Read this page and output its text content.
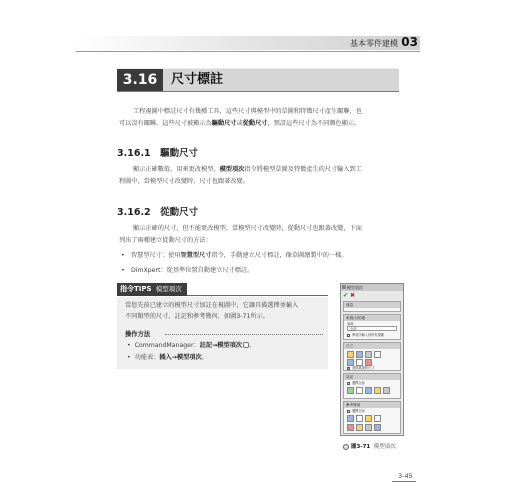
基本零件建模 03
3.16	尺寸標註
工程視圖中標註尺寸有幾種工具，這些尺寸與模型中的草圖和特徵尺寸產生關聯，也
可以沒有關聯。這些尺寸被顯示為驅動尺寸或從動尺寸，預設這些尺寸為不同顏色顯示。
3.16.1　驅動尺寸
顯示正確數值，用來更改模型。模型項次指令將模型草圖及特徵產生的尺寸輸入到工
程圖中，當模型尺寸改變時，尺寸也跟著改變。
3.16.2　從動尺寸
顯示正確的尺寸，但不能更改模型。當模型尺寸改變時，從動尺寸也跟著改變，下面
列出了兩種建立從動尺寸的方法：
• 智慧型尺寸：使用智慧型尺寸指令，手動建立尺寸標註，像草圖繪製中的一樣。
• DimXpert：從基準位置自動建立尺寸標註。
指令TIPS 模型項次
當您先前已建立的模型尺寸加註在視圖中，它讓具備選擇並輸入
不同類型的尺寸、註記和參考幾何，如圖3-71所示。
操作方法
•  CommandManager：註記→模型項次 。
•  功能表：插入→模型項次。
模型項次
✔ ✖
訊息
來源/目的地
來源：
全部
將項次輸入到所有視圖
尺寸
消除重複的尺寸
註記
選擇全部
參考幾何
選擇全部
圖3-71 模型項次
3-45
